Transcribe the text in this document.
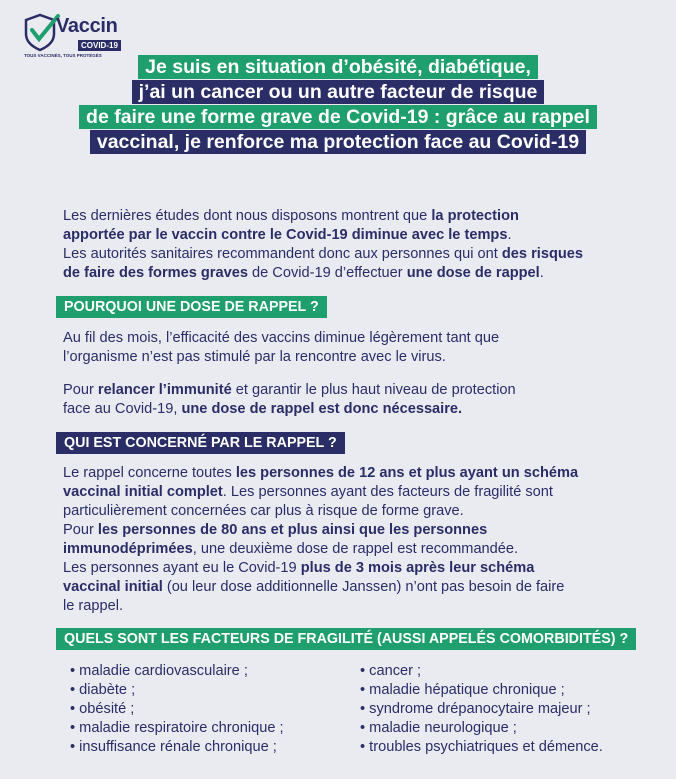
Vaccin
COVID-19
TOUS VACCINÉS, TOUS PROTÉGÉS
Je suis en situation d’obésité, diabétique,
j’ai un cancer ou un autre facteur de risque
de faire une forme grave de Covid-19 : grâce au rappel
vaccinal, je renforce ma protection face au Covid-19
Les dernières études dont nous disposons montrent que la protection
apportée par le vaccin contre le Covid-19 diminue avec le temps.
Les autorités sanitaires recommandent donc aux personnes qui ont des risques
de faire des formes graves de Covid-19 d’effectuer une dose de rappel.
POURQUOI UNE DOSE DE RAPPEL ?
Au fil des mois, l’efficacité des vaccins diminue légèrement tant que
l’organisme n’est pas stimulé par la rencontre avec le virus.
Pour relancer l’immunité et garantir le plus haut niveau de protection
face au Covid-19, une dose de rappel est donc nécessaire.
QUI EST CONCERNÉ PAR LE RAPPEL ?
Le rappel concerne toutes les personnes de 12 ans et plus ayant un schéma
vaccinal initial complet. Les personnes ayant des facteurs de fragilité sont
particulièrement concernées car plus à risque de forme grave.
Pour les personnes de 80 ans et plus ainsi que les personnes
immunodéprimées, une deuxième dose de rappel est recommandée.
Les personnes ayant eu le Covid-19 plus de 3 mois après leur schéma
vaccinal initial (ou leur dose additionnelle Janssen) n’ont pas besoin de faire
le rappel.
QUELS SONT LES FACTEURS DE FRAGILITÉ (AUSSI APPELÉS COMORBIDITÉS) ?
• maladie cardiovasculaire ;
• diabète ;
• obésité ;
• maladie respiratoire chronique ;
• insuffisance rénale chronique ;
• cancer ;
• maladie hépatique chronique ;
• syndrome drépanocytaire majeur ;
• maladie neurologique ;
• troubles psychiatriques et démence.
